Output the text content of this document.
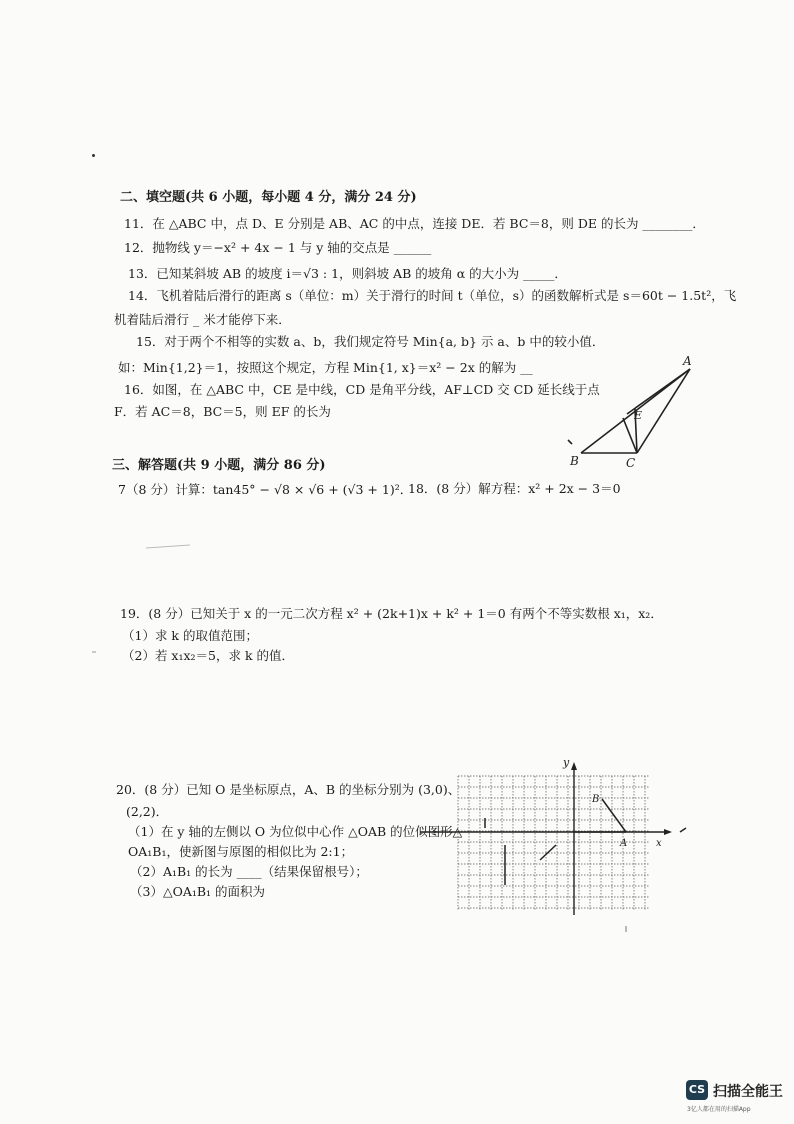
二、填空题(共 6 小题，每小题 4 分，满分 24 分)
11．在 △ABC 中，点 D、E 分别是 AB、AC 的中点，连接 DE．若 BC＝8，则 DE 的长为 ________．
12．抛物线 y＝−x² + 4x − 1 与 y 轴的交点是 ______
13．已知某斜坡 AB 的坡度 i＝√3 : 1，则斜坡 AB 的坡角 α 的大小为 _____．
14．飞机着陆后滑行的距离 s（单位：m）关于滑行的时间 t（单位，s）的函数解析式是 s＝60t − 1.5t²，飞
机着陆后滑行 _ 米才能停下来．
15．对于两个不相等的实数 a、b，我们规定符号 Min{a, b} 示 a、b 中的较小值．
如：Min{1,2}＝1，按照这个规定，方程 Min{1, x}＝x² − 2x 的解为 __
16．如图，在 △ABC 中，CE 是中线，CD 是角平分线，AF⊥CD 交 CD 延长线于点
F．若 AC＝8，BC＝5，则 EF 的长为
A
B	C
E
三、解答题(共 9 小题，满分 86 分)
7（8 分）计算：tan45° − √8 × √6 + (√3 + 1)²．
18．(8 分）解方程：x² + 2x − 3＝0
19．(8 分）已知关于 x 的一元二次方程 x² + (2k+1)x + k² + 1＝0 有两个不等实数根 x₁，x₂．
（1）求 k 的取值范围；
（2）若 x₁x₂＝5，求 k 的值．
20．(8 分）已知 O 是坐标原点，A、B 的坐标分别为 (3,0)、
(2,2)．
（1）在 y 轴的左侧以 O 为位似中心作 △OAB 的位似图形△
OA₁B₁，使新图与原图的相似比为 2:1；
（2）A₁B₁ 的长为 ____（结果保留根号）；
（3）△OA₁B₁ 的面积为
y
x
A
B
CS 扫描全能王
3亿人都在用的扫描App
